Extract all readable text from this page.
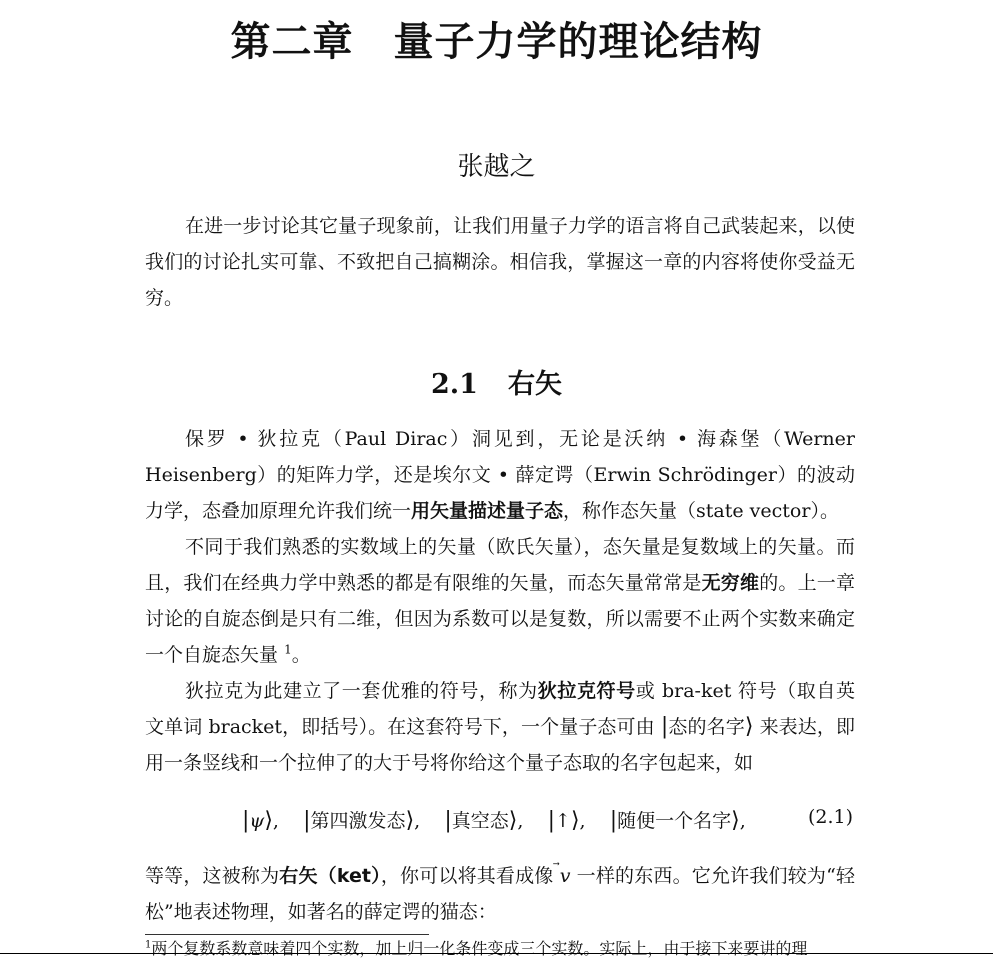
第二章 量子力学的理论结构
张越之

在进一步讨论其它量子现象前，让我们用量子力学的语言将自己武装起来，以使我们的讨论扎实可靠、不致把自己搞糊涂。相信我，掌握这一章的内容将使你受益无穷。

2.1 右矢

保罗 • 狄拉克（Paul Dirac）洞见到，无论是沃纳 • 海森堡（Werner Heisenberg）的矩阵力学，还是埃尔文 • 薛定谔（Erwin Schrödinger）的波动力学，态叠加原理允许我们统一用矢量描述量子态，称作态矢量（state vector）。

不同于我们熟悉的实数域上的矢量（欧氏矢量），态矢量是复数域上的矢量。而且，我们在经典力学中熟悉的都是有限维的矢量，而态矢量常常是无穷维的。上一章讨论的自旋态倒是只有二维，但因为系数可以是复数，所以需要不止两个实数来确定一个自旋态矢量 $^1$。

狄拉克为此建立了一套优雅的符号，称为狄拉克符号或 bra-ket 符号（取自英文单词 bracket，即括号）。在这套符号下，一个量子态可由 |态的名字⟩ 来表达，即用一条竖线和一个拉伸了的大于号将你给这个量子态取的名字包起来，如

|ψ⟩,    |第四激发态⟩,    |真空态⟩,    |↑⟩,    |随便一个名字⟩,	(2.1)

等等，这被称为右矢（ket），你可以将其看成像
v 一样的东西。它允许我们较为“轻松”地表述物理，如著名的薛定谔的猫态：

$^1$两个复数系数意味着四个实数，加上归一化条件变成三个实数。实际上，由于接下来要讲的理
